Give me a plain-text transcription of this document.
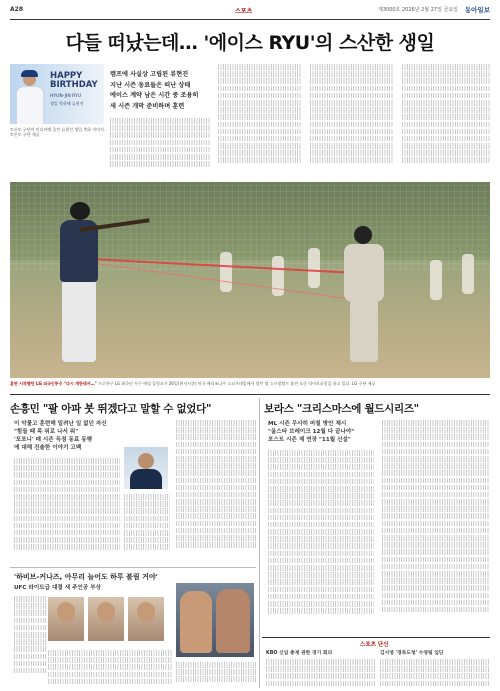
A28	스포츠	제3000호 2026년 2월 27일 금요일 동아일보
다들 떠났는데… '에이스 RYU'의 스산한 생일
HAPPY
BIRTHDAY
HYUN-JIN RYU
생일 축하해 류현진
토론토 구단이 미디어에 올린 류현진 생일 축하 이미지. 토론토 구단 제공
캠프에 사실상 고립된 류현진
지난 시즌 동료들은 떠난 상태
에이스 계약 남은 시간 중 조용히
새 시즌 개막 준비하며 훈련
훈련 시작했던 LG 외국인투수 "다시 걔한테서…" 프로야구 LG 외국인 투수 애덤 플럿코가 26일(현지시간) 미국 애리조나주 스코츠데일에서 열린 팀 스프링캠프 훈련 도중 라이브피칭을 하고 있다. LG 구단 제공
손흥민 "팔 아파 붓 뛰겠다고 말할 수 없었다"
이 악물고 훈련해 밀려난 일 없던 자신
"힘들 때 목 위로 나서 줘"
'포포니' 매 시즌 득점 동료 동행
에 대해 진솔한 이야기 고백
'하비브-커나즈, 아무리 늘어도 하루 불림 거야'
UFC 라이트급 대결 새 주인공 부상
보라스 "크리스마스에 월드시리즈"
ML 시즌 무사히 마칠 방안 제시
"올스타 브레이크 12월 다 끝나야"
포스트 시즌 제 연장 "11월 신설"
스포츠 단신
KBO 신임 총재 권한 경기 회의	김서영 '경북도청' 수영팀 입단
